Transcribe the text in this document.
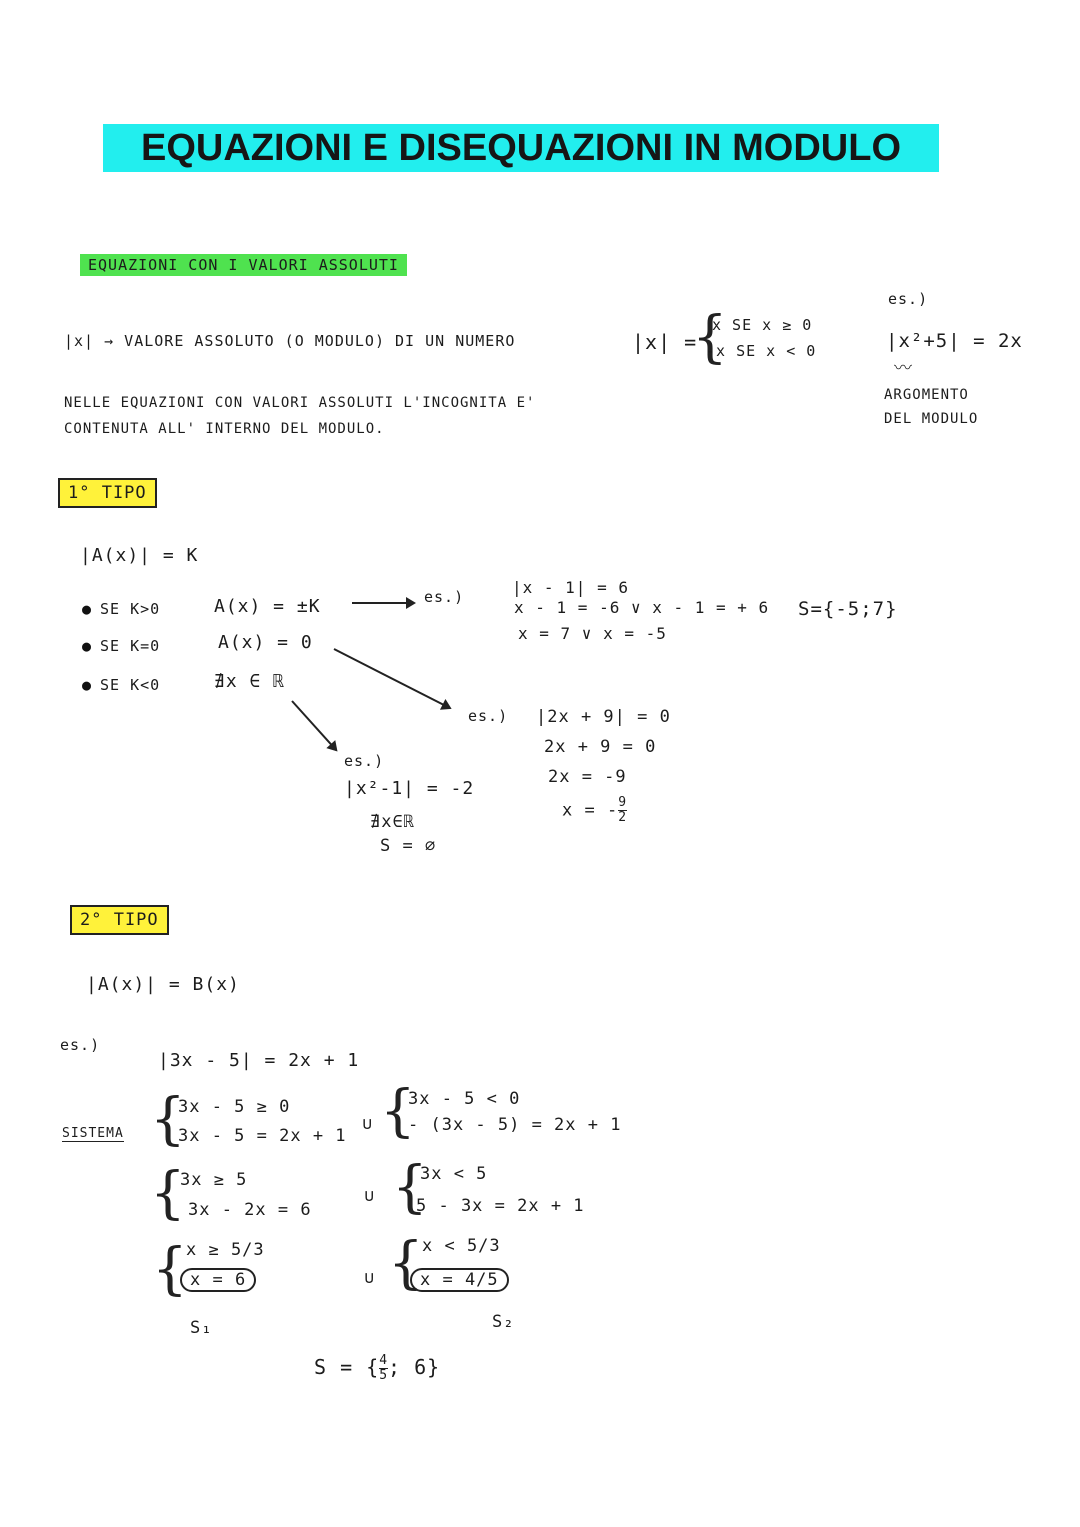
EQUAZIONI E DISEQUAZIONI IN MODULO
EQUAZIONI CON I VALORI ASSOLUTI
|x| → VALORE ASSOLUTO (O MODULO) DI UN NUMERO	|x| =
{
x SE x ≥ 0
-x SE x < 0
es.)
|x²+5| = 2x
〰
ARGOMENTO
DEL MODULO
NELLE EQUAZIONI CON VALORI ASSOLUTI L'INCOGNITA E'
CONTENUTA ALL' INTERNO DEL MODULO.
1° TIPO
|A(x)| = K
● SE K>0	A(x) = ±K
● SE K=0	A(x) = 0
● SE K<0	∄x ∈ ℝ
es.)	|x - 1| = 6
x - 1 = -6 ∨ x - 1 = + 6
x = 7 ∨ x = -5
S={-5;7}
es.) |2x + 9| = 0
2x + 9 = 0
2x = -9
x = - $\frac{9}{2}$
es.)
|x²-1| = -2
∄x∈ℝ
S = ∅
2° TIPO
|A(x)| = B(x)
es.)
|3x - 5| = 2x + 1
SISTEMA {
3x - 5 ≥ 0
3x - 5 = 2x + 1
∪ {
3x - 5 < 0
- (3x - 5) = 2x + 1
{
3x ≥ 5
3x - 2x = 6
∪ {
3x < 5
5 - 3x = 2x + 1
{
x ≥ 5/3
x = 6
S₁
∪ {
x < 5/3
x = 4/5
S₂
S = { $\frac{4}{5}$ ; 6}
